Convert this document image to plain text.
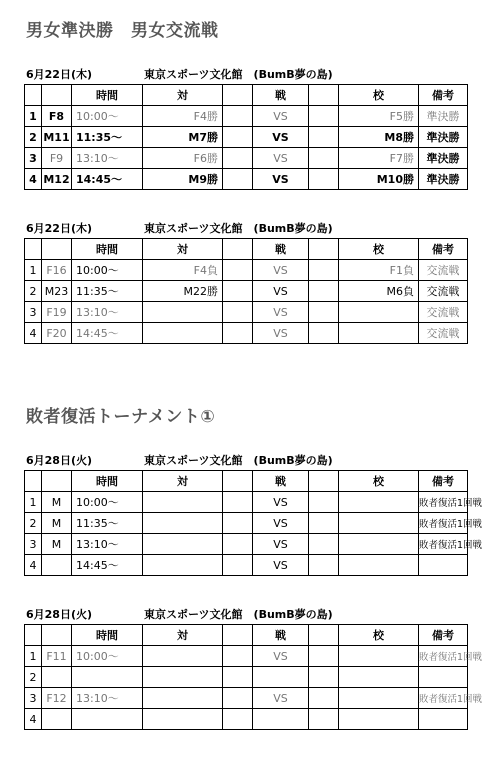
男女準決勝　男女交流戦
6月22日(木)	東京スポーツ文化館　(BumB夢の島)
		時間	対		戦		校	備考
1	F8	10:00～	F4勝		VS		F5勝	準決勝
2	M11	11:35～	M7勝		VS		M8勝	準決勝
3	F9	13:10～	F6勝		VS		F7勝	準決勝
4	M12	14:45～	M9勝		VS		M10勝	準決勝
6月22日(木)	東京スポーツ文化館　(BumB夢の島)
		時間	対		戦		校	備考
1	F16	10:00～	F4負		VS		F1負	交流戦
2	M23	11:35～	M22勝		VS		M6負	交流戦
3	F19	13:10～			VS			交流戦
4	F20	14:45～			VS			交流戦
敗者復活トーナメント①
6月28日(火)	東京スポーツ文化館　(BumB夢の島)
		時間	対		戦		校	備考
1	M	10:00～			VS			敗者復活1回戦
2	M	11:35～			VS			敗者復活1回戦
3	M	13:10～			VS			敗者復活1回戦
4		14:45～			VS			
6月28日(火)	東京スポーツ文化館　(BumB夢の島)
		時間	対		戦		校	備考
1	F11	10:00～			VS			敗者復活1回戦
2								
3	F12	13:10～			VS			敗者復活1回戦
4								
